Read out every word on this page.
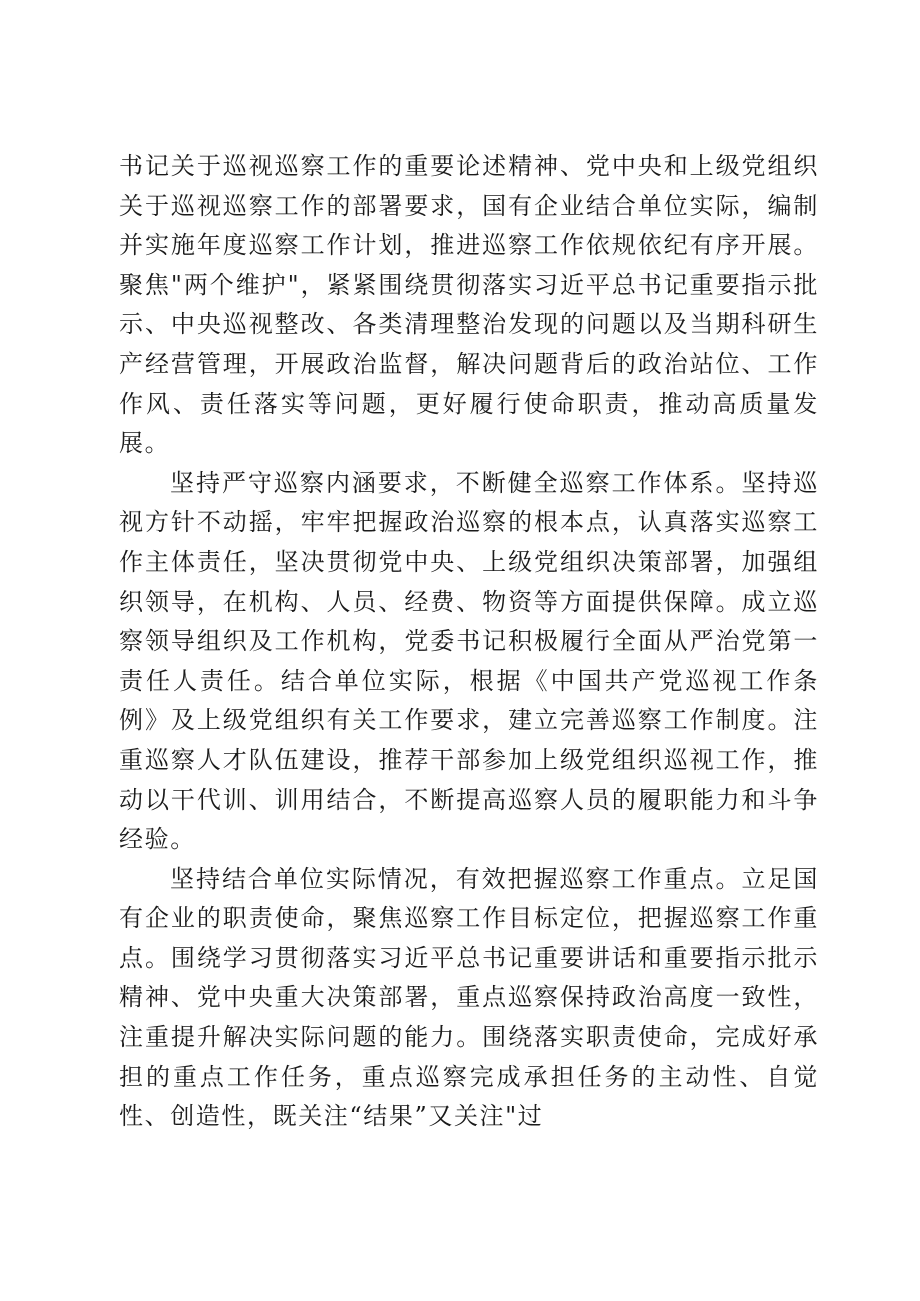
书记关于巡视巡察工作的重要论述精神、党中央和上级党组织关于巡视巡察工作的部署要求，国有企业结合单位实际，编制并实施年度巡察工作计划，推进巡察工作依规依纪有序开展。聚焦"两个维护"，紧紧围绕贯彻落实习近平总书记重要指示批示、中央巡视整改、各类清理整治发现的问题以及当期科研生产经营管理，开展政治监督，解决问题背后的政治站位、工作作风、责任落实等问题，更好履行使命职责，推动高质量发展。

坚持严守巡察内涵要求，不断健全巡察工作体系。坚持巡视方针不动摇，牢牢把握政治巡察的根本点，认真落实巡察工作主体责任，坚决贯彻党中央、上级党组织决策部署，加强组织领导，在机构、人员、经费、物资等方面提供保障。成立巡察领导组织及工作机构，党委书记积极履行全面从严治党第一责任人责任。结合单位实际，根据《中国共产党巡视工作条例》及上级党组织有关工作要求，建立完善巡察工作制度。注重巡察人才队伍建设，推荐干部参加上级党组织巡视工作，推动以干代训、训用结合，不断提高巡察人员的履职能力和斗争经验。

坚持结合单位实际情况，有效把握巡察工作重点。立足国有企业的职责使命，聚焦巡察工作目标定位，把握巡察工作重点。围绕学习贯彻落实习近平总书记重要讲话和重要指示批示精神、党中央重大决策部署，重点巡察保持政治高度一致性，注重提升解决实际问题的能力。围绕落实职责使命，完成好承担的重点工作任务，重点巡察完成承担任务的主动性、自觉性、创造性，既关注“结果”又关注"过
